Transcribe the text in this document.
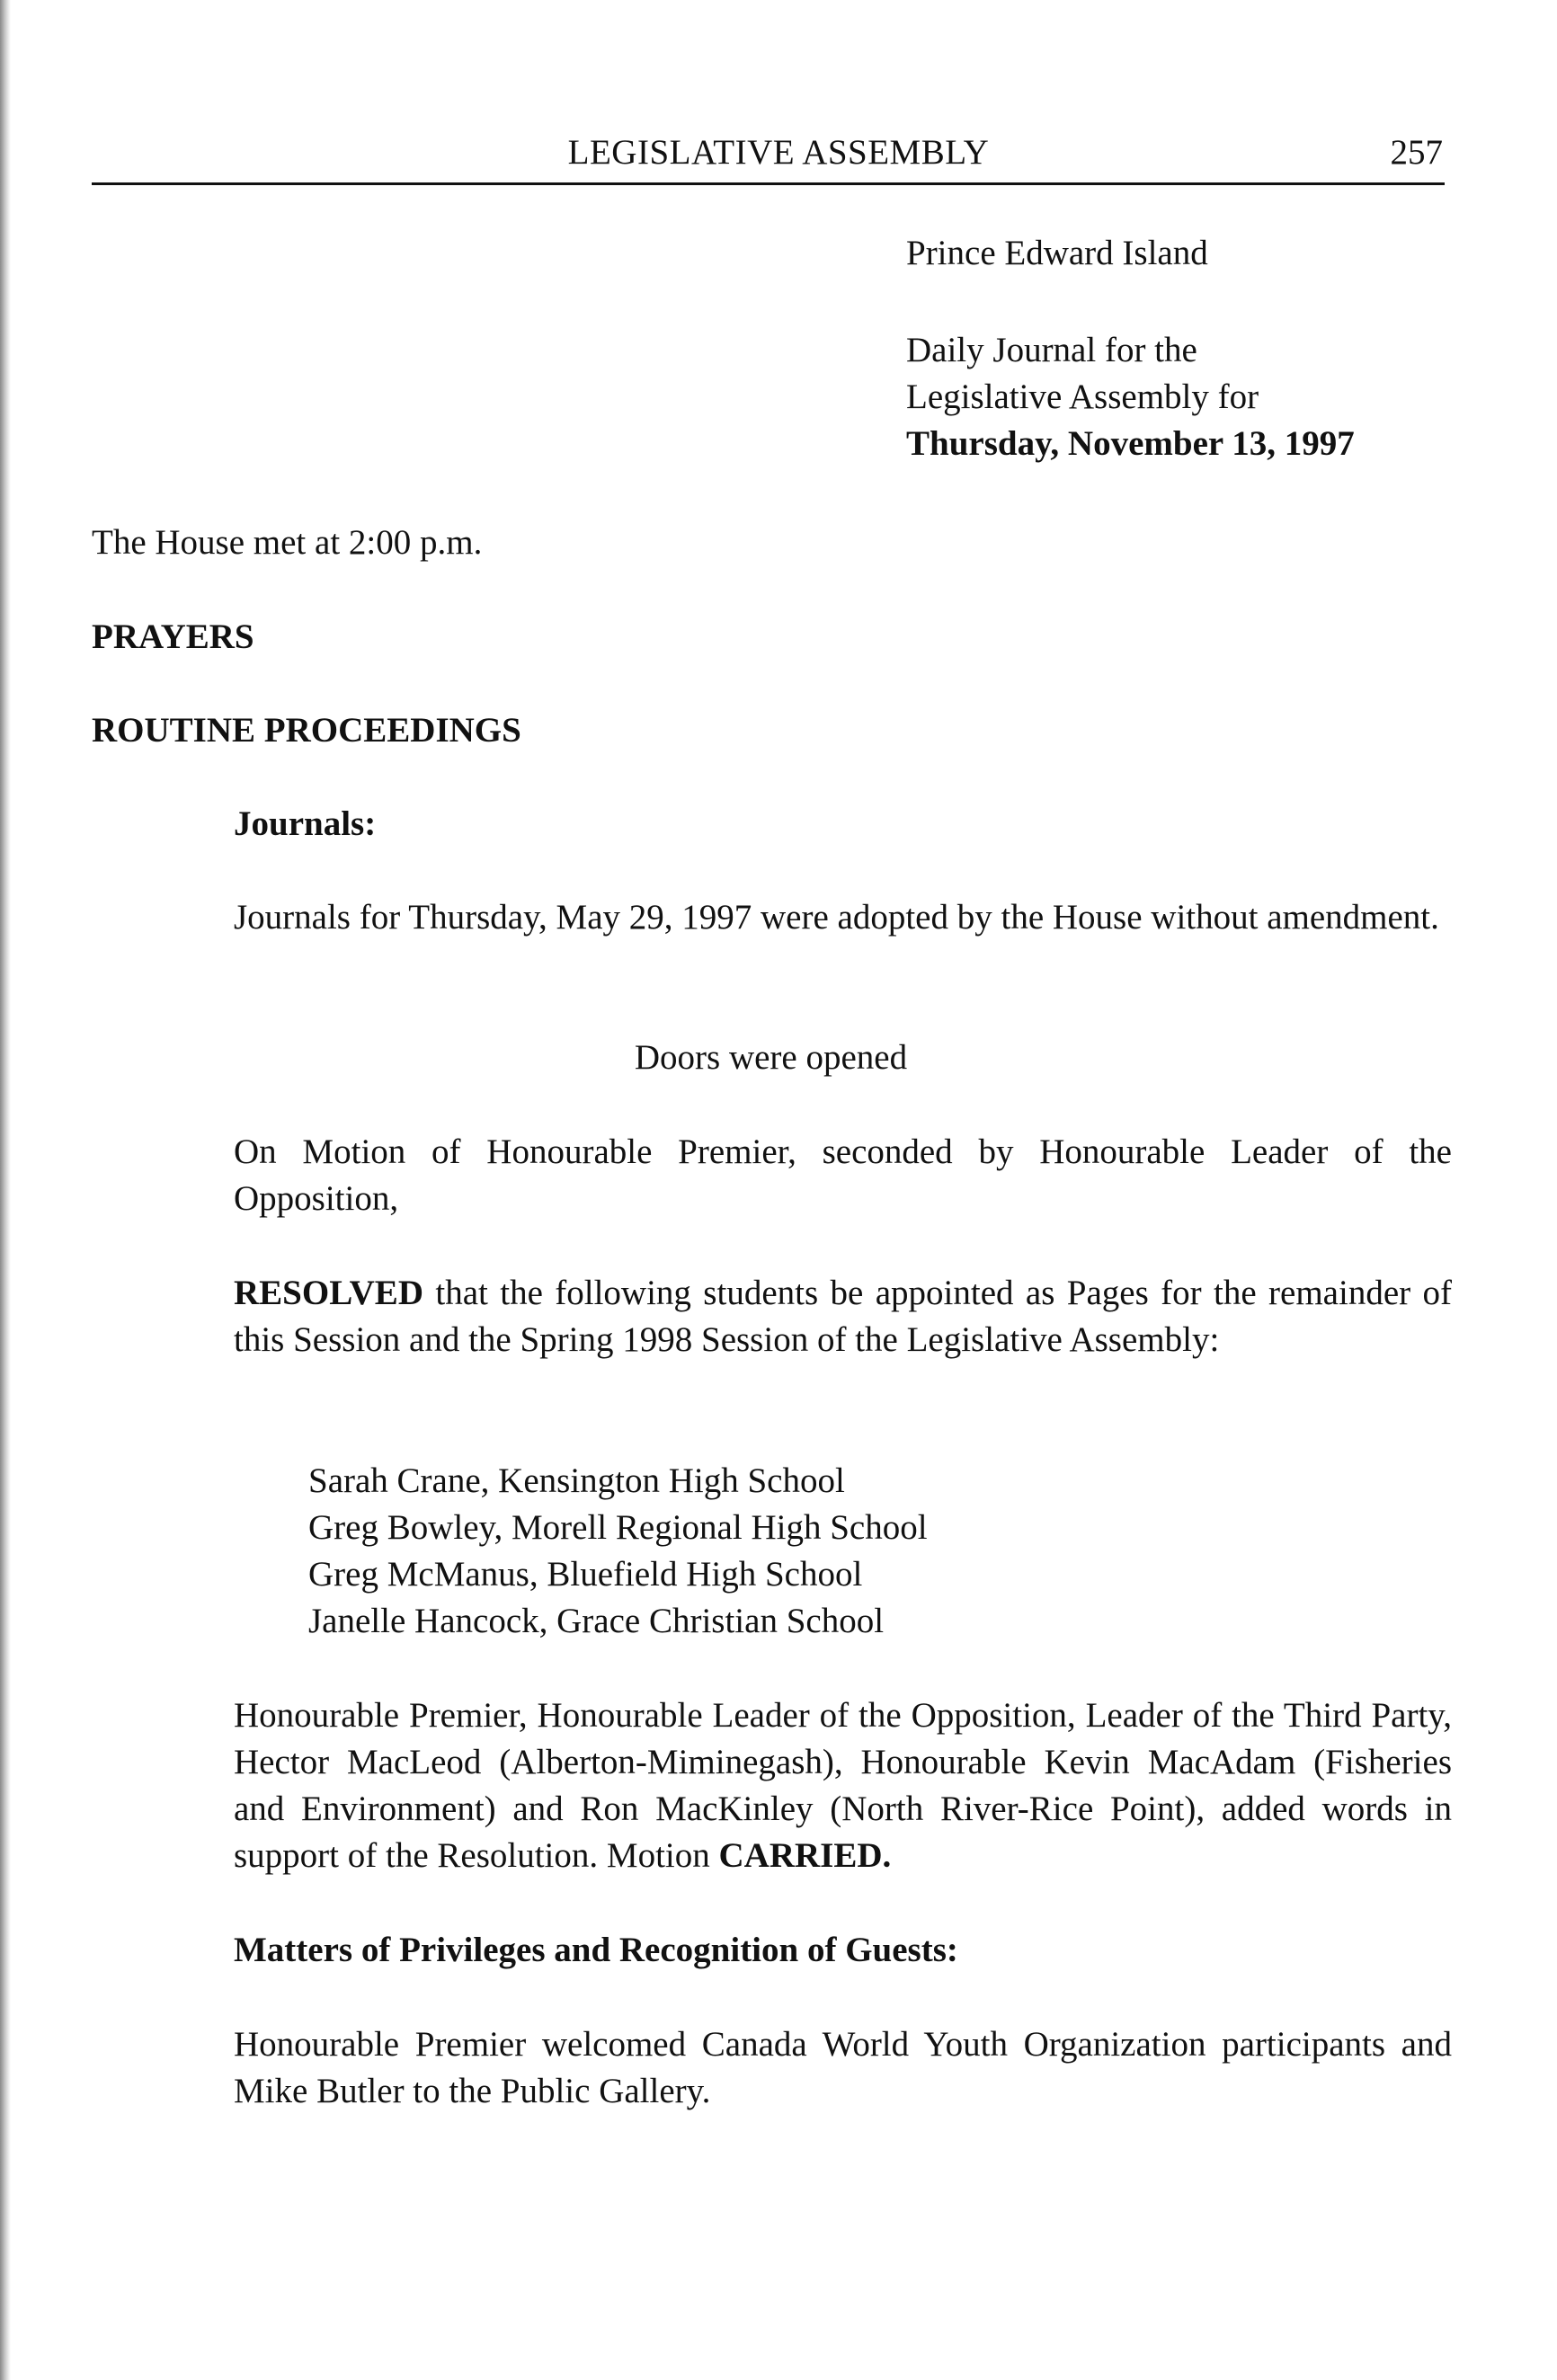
LEGISLATIVE ASSEMBLY	257
Prince Edward Island
Daily Journal for the
Legislative Assembly for
Thursday, November 13, 1997
The House met at 2:00 p.m.
PRAYERS
ROUTINE PROCEEDINGS
Journals:

Journals for Thursday, May 29, 1997 were adopted by the House without amendment.

Doors were opened

On Motion of Honourable Premier, seconded by Honourable Leader of the Opposition,

RESOLVED that the following students be appointed as Pages for the remainder of this Session and the Spring 1998 Session of the Legislative Assembly:

Sarah Crane, Kensington High School
Greg Bowley, Morell Regional High School
Greg McManus, Bluefield High School
Janelle Hancock, Grace Christian School

Honourable Premier, Honourable Leader of the Opposition, Leader of the Third Party, Hector MacLeod (Alberton-Miminegash), Honourable Kevin MacAdam (Fisheries and Environment) and Ron MacKinley (North River-Rice Point), added words in support of the Resolution. Motion CARRIED.

Matters of Privileges and Recognition of Guests:

Honourable Premier welcomed Canada World Youth Organization participants and Mike Butler to the Public Gallery.
